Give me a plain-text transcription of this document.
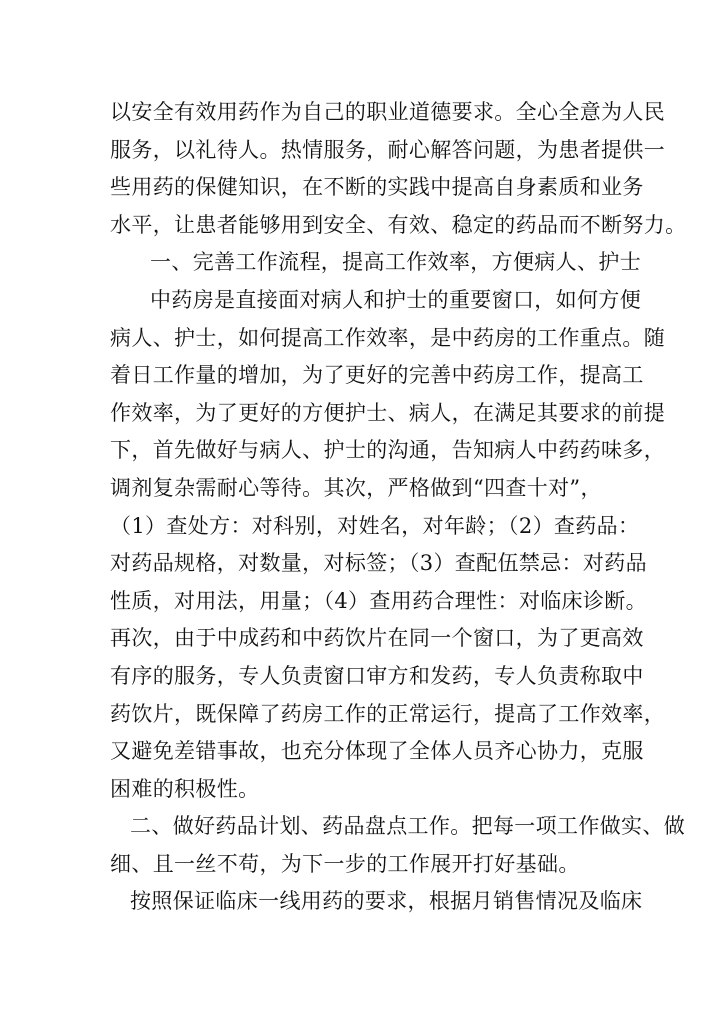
以安全有效用药作为自己的职业道德要求。全心全意为人民
服务，以礼待人。热情服务，耐心解答问题，为患者提供一
些用药的保健知识，在不断的实践中提高自身素质和业务
水平，让患者能够用到安全、有效、稳定的药品而不断努力。
一、完善工作流程，提高工作效率，方便病人、护士
中药房是直接面对病人和护士的重要窗口，如何方便
病人、护士，如何提高工作效率，是中药房的工作重点。随
着日工作量的增加，为了更好的完善中药房工作，提高工
作效率，为了更好的方便护士、病人，在满足其要求的前提
下，首先做好与病人、护士的沟通，告知病人中药药味多，
调剂复杂需耐心等待。其次，严格做到“四查十对”，
（1）查处方：对科别，对姓名，对年龄；（2）查药品：
对药品规格，对数量，对标签；（3）查配伍禁忌：对药品
性质，对用法，用量；（4）查用药合理性：对临床诊断。
再次，由于中成药和中药饮片在同一个窗口，为了更高效
有序的服务，专人负责窗口审方和发药，专人负责称取中
药饮片，既保障了药房工作的正常运行，提高了工作效率，
又避免差错事故，也充分体现了全体人员齐心协力，克服
困难的积极性。
二、做好药品计划、药品盘点工作。把每一项工作做实、做
细、且一丝不苟，为下一步的工作展开打好基础。
按照保证临床一线用药的要求，根据月销售情况及临床
